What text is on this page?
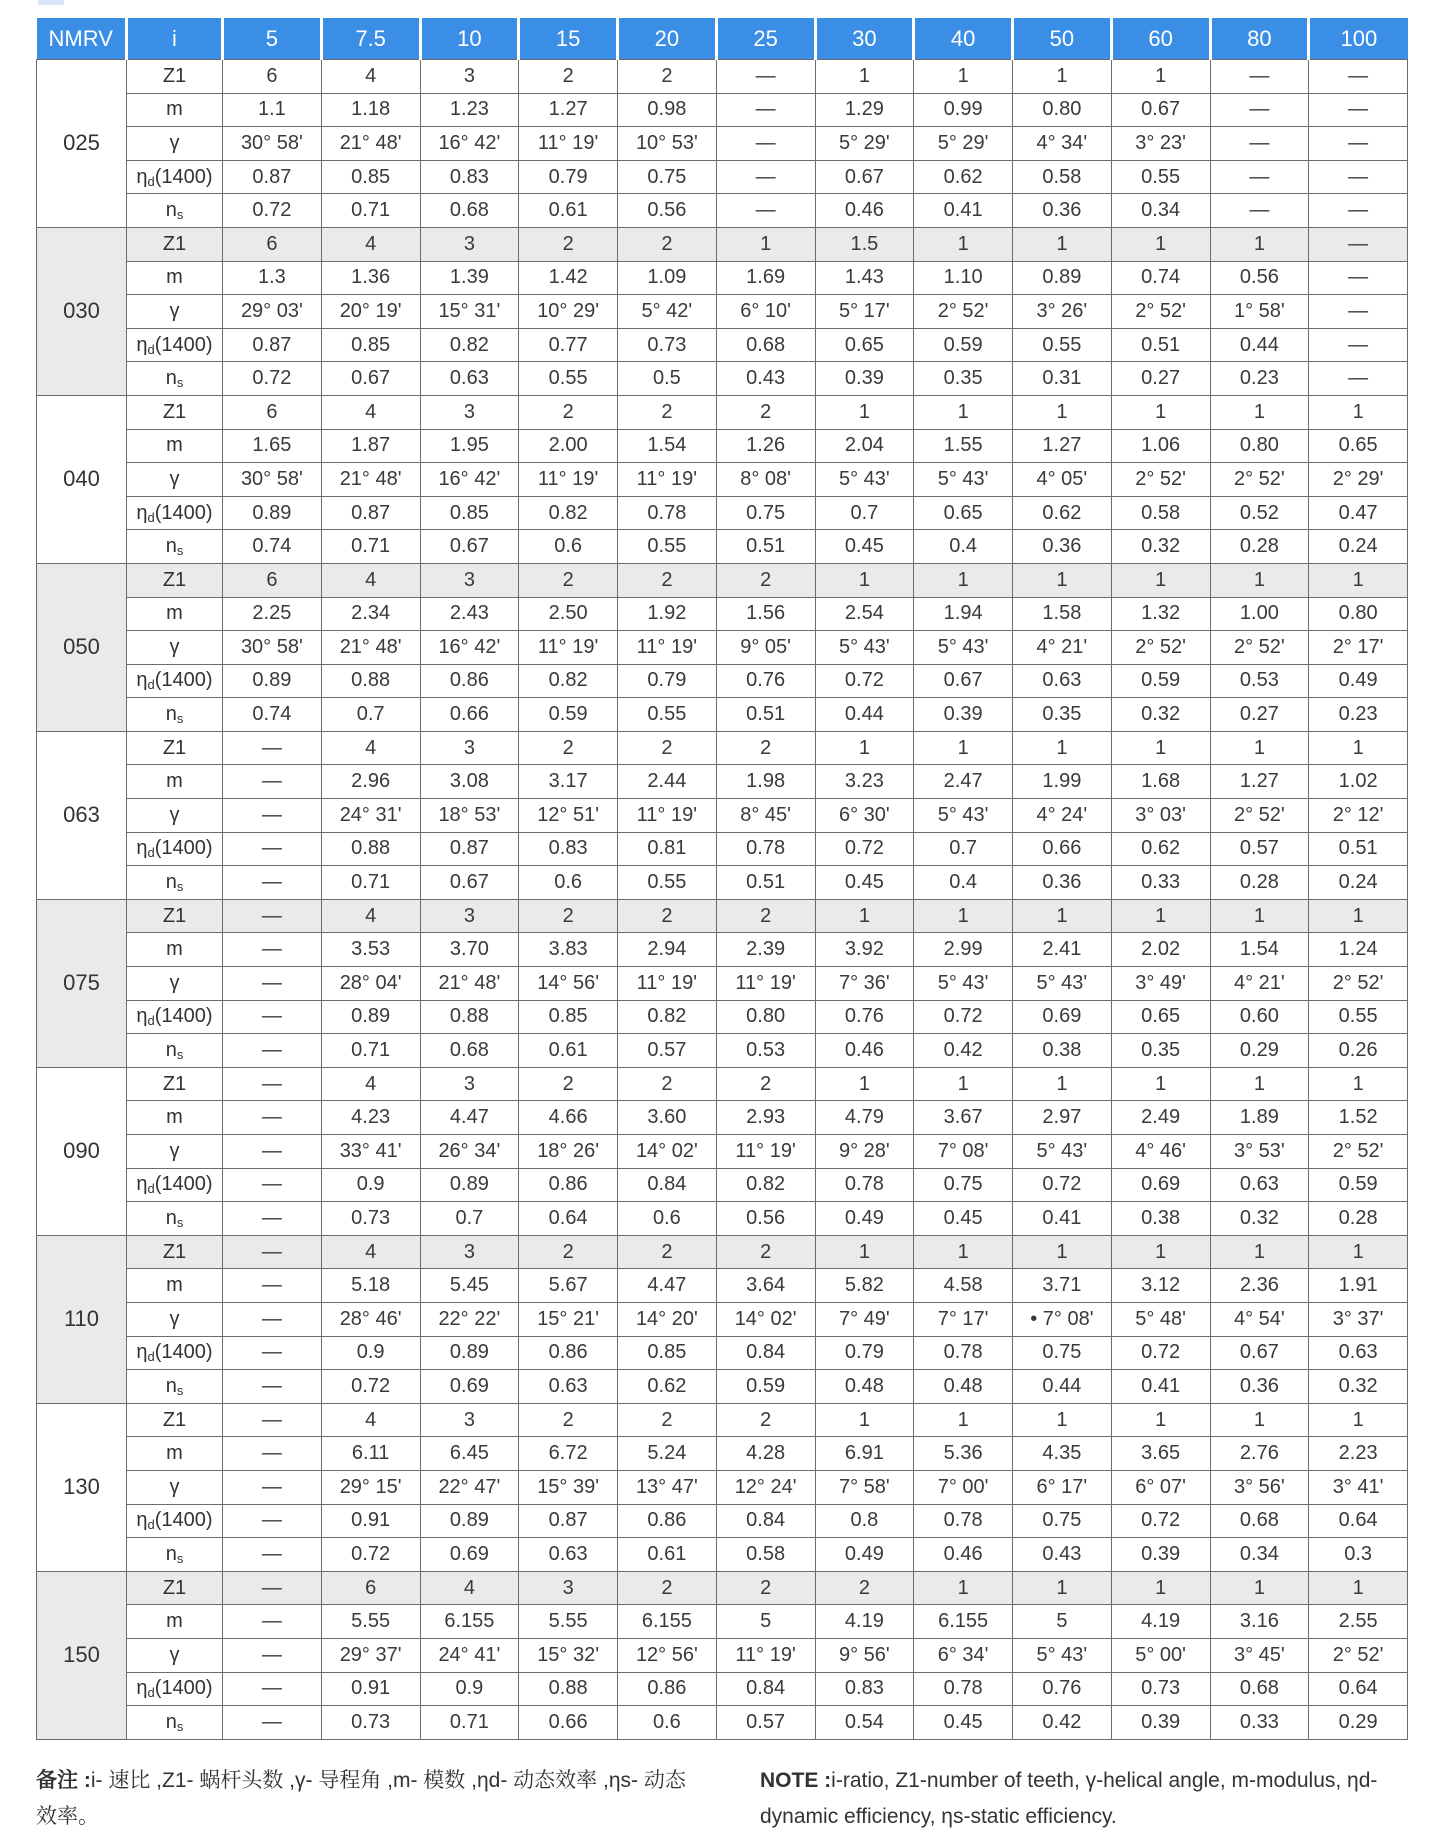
NMRV	i	5	7.5	10	15	20	25	30	40	50	60	80	100
025	Z1	6	4	3	2	2	—	1	1	1	1	—	—
	m	1.1	1.18	1.23	1.27	0.98	—	1.29	0.99	0.80	0.67	—	—
	γ	30° 58'	21° 48'	16° 42'	11° 19'	10° 53'	—	5° 29'	5° 29'	4° 34'	3° 23'	—	—
	$\eta_d(1400)$	0.87	0.85	0.83	0.79	0.75	—	0.67	0.62	0.58	0.55	—	—
	$n_s$	0.72	0.71	0.68	0.61	0.56	—	0.46	0.41	0.36	0.34	—	—
030	Z1	6	4	3	2	2	1	1.5	1	1	1	1	—
	m	1.3	1.36	1.39	1.42	1.09	1.69	1.43	1.10	0.89	0.74	0.56	—
	γ	29° 03'	20° 19'	15° 31'	10° 29'	5° 42'	6° 10'	5° 17'	2° 52'	3° 26'	2° 52'	1° 58'	—
	$\eta_d(1400)$	0.87	0.85	0.82	0.77	0.73	0.68	0.65	0.59	0.55	0.51	0.44	—
	$n_s$	0.72	0.67	0.63	0.55	0.5	0.43	0.39	0.35	0.31	0.27	0.23	—
040	Z1	6	4	3	2	2	2	1	1	1	1	1	1
	m	1.65	1.87	1.95	2.00	1.54	1.26	2.04	1.55	1.27	1.06	0.80	0.65
	γ	30° 58'	21° 48'	16° 42'	11° 19'	11° 19'	8° 08'	5° 43'	5° 43'	4° 05'	2° 52'	2° 52'	2° 29'
	$\eta_d(1400)$	0.89	0.87	0.85	0.82	0.78	0.75	0.7	0.65	0.62	0.58	0.52	0.47
	$n_s$	0.74	0.71	0.67	0.6	0.55	0.51	0.45	0.4	0.36	0.32	0.28	0.24
050	Z1	6	4	3	2	2	2	1	1	1	1	1	1
	m	2.25	2.34	2.43	2.50	1.92	1.56	2.54	1.94	1.58	1.32	1.00	0.80
	γ	30° 58'	21° 48'	16° 42'	11° 19'	11° 19'	9° 05'	5° 43'	5° 43'	4° 21'	2° 52'	2° 52'	2° 17'
	$\eta_d(1400)$	0.89	0.88	0.86	0.82	0.79	0.76	0.72	0.67	0.63	0.59	0.53	0.49
	$n_s$	0.74	0.7	0.66	0.59	0.55	0.51	0.44	0.39	0.35	0.32	0.27	0.23
063	Z1	—	4	3	2	2	2	1	1	1	1	1	1
	m	—	2.96	3.08	3.17	2.44	1.98	3.23	2.47	1.99	1.68	1.27	1.02
	γ	—	24° 31'	18° 53'	12° 51'	11° 19'	8° 45'	6° 30'	5° 43'	4° 24'	3° 03'	2° 52'	2° 12'
	$\eta_d(1400)$	—	0.88	0.87	0.83	0.81	0.78	0.72	0.7	0.66	0.62	0.57	0.51
	$n_s$	—	0.71	0.67	0.6	0.55	0.51	0.45	0.4	0.36	0.33	0.28	0.24
075	Z1	—	4	3	2	2	2	1	1	1	1	1	1
	m	—	3.53	3.70	3.83	2.94	2.39	3.92	2.99	2.41	2.02	1.54	1.24
	γ	—	28° 04'	21° 48'	14° 56'	11° 19'	11° 19'	7° 36'	5° 43'	5° 43'	3° 49'	4° 21'	2° 52'
	$\eta_d(1400)$	—	0.89	0.88	0.85	0.82	0.80	0.76	0.72	0.69	0.65	0.60	0.55
	$n_s$	—	0.71	0.68	0.61	0.57	0.53	0.46	0.42	0.38	0.35	0.29	0.26
090	Z1	—	4	3	2	2	2	1	1	1	1	1	1
	m	—	4.23	4.47	4.66	3.60	2.93	4.79	3.67	2.97	2.49	1.89	1.52
	γ	—	33° 41'	26° 34'	18° 26'	14° 02'	11° 19'	9° 28'	7° 08'	5° 43'	4° 46'	3° 53'	2° 52'
	$\eta_d(1400)$	—	0.9	0.89	0.86	0.84	0.82	0.78	0.75	0.72	0.69	0.63	0.59
	$n_s$	—	0.73	0.7	0.64	0.6	0.56	0.49	0.45	0.41	0.38	0.32	0.28
110	Z1	—	4	3	2	2	2	1	1	1	1	1	1
	m	—	5.18	5.45	5.67	4.47	3.64	5.82	4.58	3.71	3.12	2.36	1.91
	γ	—	28° 46'	22° 22'	15° 21'	14° 20'	14° 02'	7° 49'	7° 17'	• 7° 08'	5° 48'	4° 54'	3° 37'
	$\eta_d(1400)$	—	0.9	0.89	0.86	0.85	0.84	0.79	0.78	0.75	0.72	0.67	0.63
	$n_s$	—	0.72	0.69	0.63	0.62	0.59	0.48	0.48	0.44	0.41	0.36	0.32
130	Z1	—	4	3	2	2	2	1	1	1	1	1	1
	m	—	6.11	6.45	6.72	5.24	4.28	6.91	5.36	4.35	3.65	2.76	2.23
	γ	—	29° 15'	22° 47'	15° 39'	13° 47'	12° 24'	7° 58'	7° 00'	6° 17'	6° 07'	3° 56'	3° 41'
	$\eta_d(1400)$	—	0.91	0.89	0.87	0.86	0.84	0.8	0.78	0.75	0.72	0.68	0.64
	$n_s$	—	0.72	0.69	0.63	0.61	0.58	0.49	0.46	0.43	0.39	0.34	0.3
150	Z1	—	6	4	3	2	2	2	1	1	1	1	1
	m	—	5.55	6.155	5.55	6.155	5	4.19	6.155	5	4.19	3.16	2.55
	γ	—	29° 37'	24° 41'	15° 32'	12° 56'	11° 19'	9° 56'	6° 34'	5° 43'	5° 00'	3° 45'	2° 52'
	$\eta_d(1400)$	—	0.91	0.9	0.88	0.86	0.84	0.83	0.78	0.76	0.73	0.68	0.64
	$n_s$	—	0.73	0.71	0.66	0.6	0.57	0.54	0.45	0.42	0.39	0.33	0.29
备注 :i- 速比 ,Z1- 蜗杆头数 ,γ- 导程角 ,m- 模数 ,ηd- 动态效率 ,ηs- 动态效率。
NOTE :i-ratio, Z1-number of teeth, γ-helical angle, m-modulus, ηd-dynamic efficiency, ηs-static efficiency.
